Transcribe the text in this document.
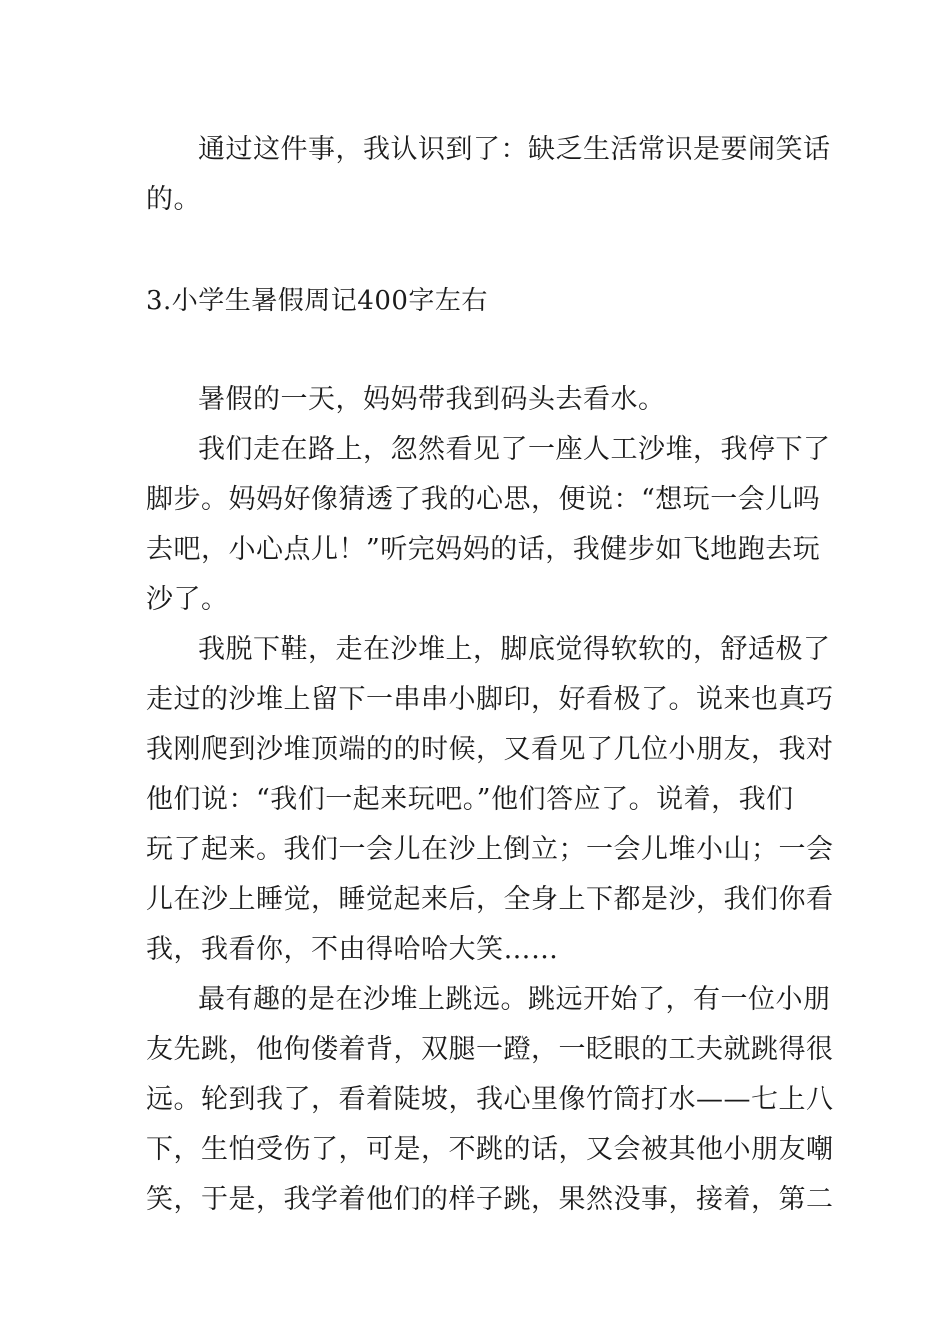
通过这件事，我认识到了：缺乏生活常识是要闹笑话
的。
3.小学生暑假周记400字左右
暑假的一天，妈妈带我到码头去看水。
我们走在路上，忽然看见了一座人工沙堆，我停下了
脚步。妈妈好像猜透了我的心思，便说：“想玩一会儿吗
去吧，小心点儿！”听完妈妈的话，我健步如飞地跑去玩
沙了。
我脱下鞋，走在沙堆上，脚底觉得软软的，舒适极了
走过的沙堆上留下一串串小脚印，好看极了。说来也真巧
我刚爬到沙堆顶端的的时候，又看见了几位小朋友，我对
他们说：“我们一起来玩吧。”他们答应了。说着，我们
玩了起来。我们一会儿在沙上倒立；一会儿堆小山；一会
儿在沙上睡觉，睡觉起来后，全身上下都是沙，我们你看
我，我看你，不由得哈哈大笑……
最有趣的是在沙堆上跳远。跳远开始了，有一位小朋
友先跳，他佝偻着背，双腿一蹬，一眨眼的工夫就跳得很
远。轮到我了，看着陡坡，我心里像竹筒打水——七上八
下，生怕受伤了，可是，不跳的话，又会被其他小朋友嘲
笑，于是，我学着他们的样子跳，果然没事，接着，第二
